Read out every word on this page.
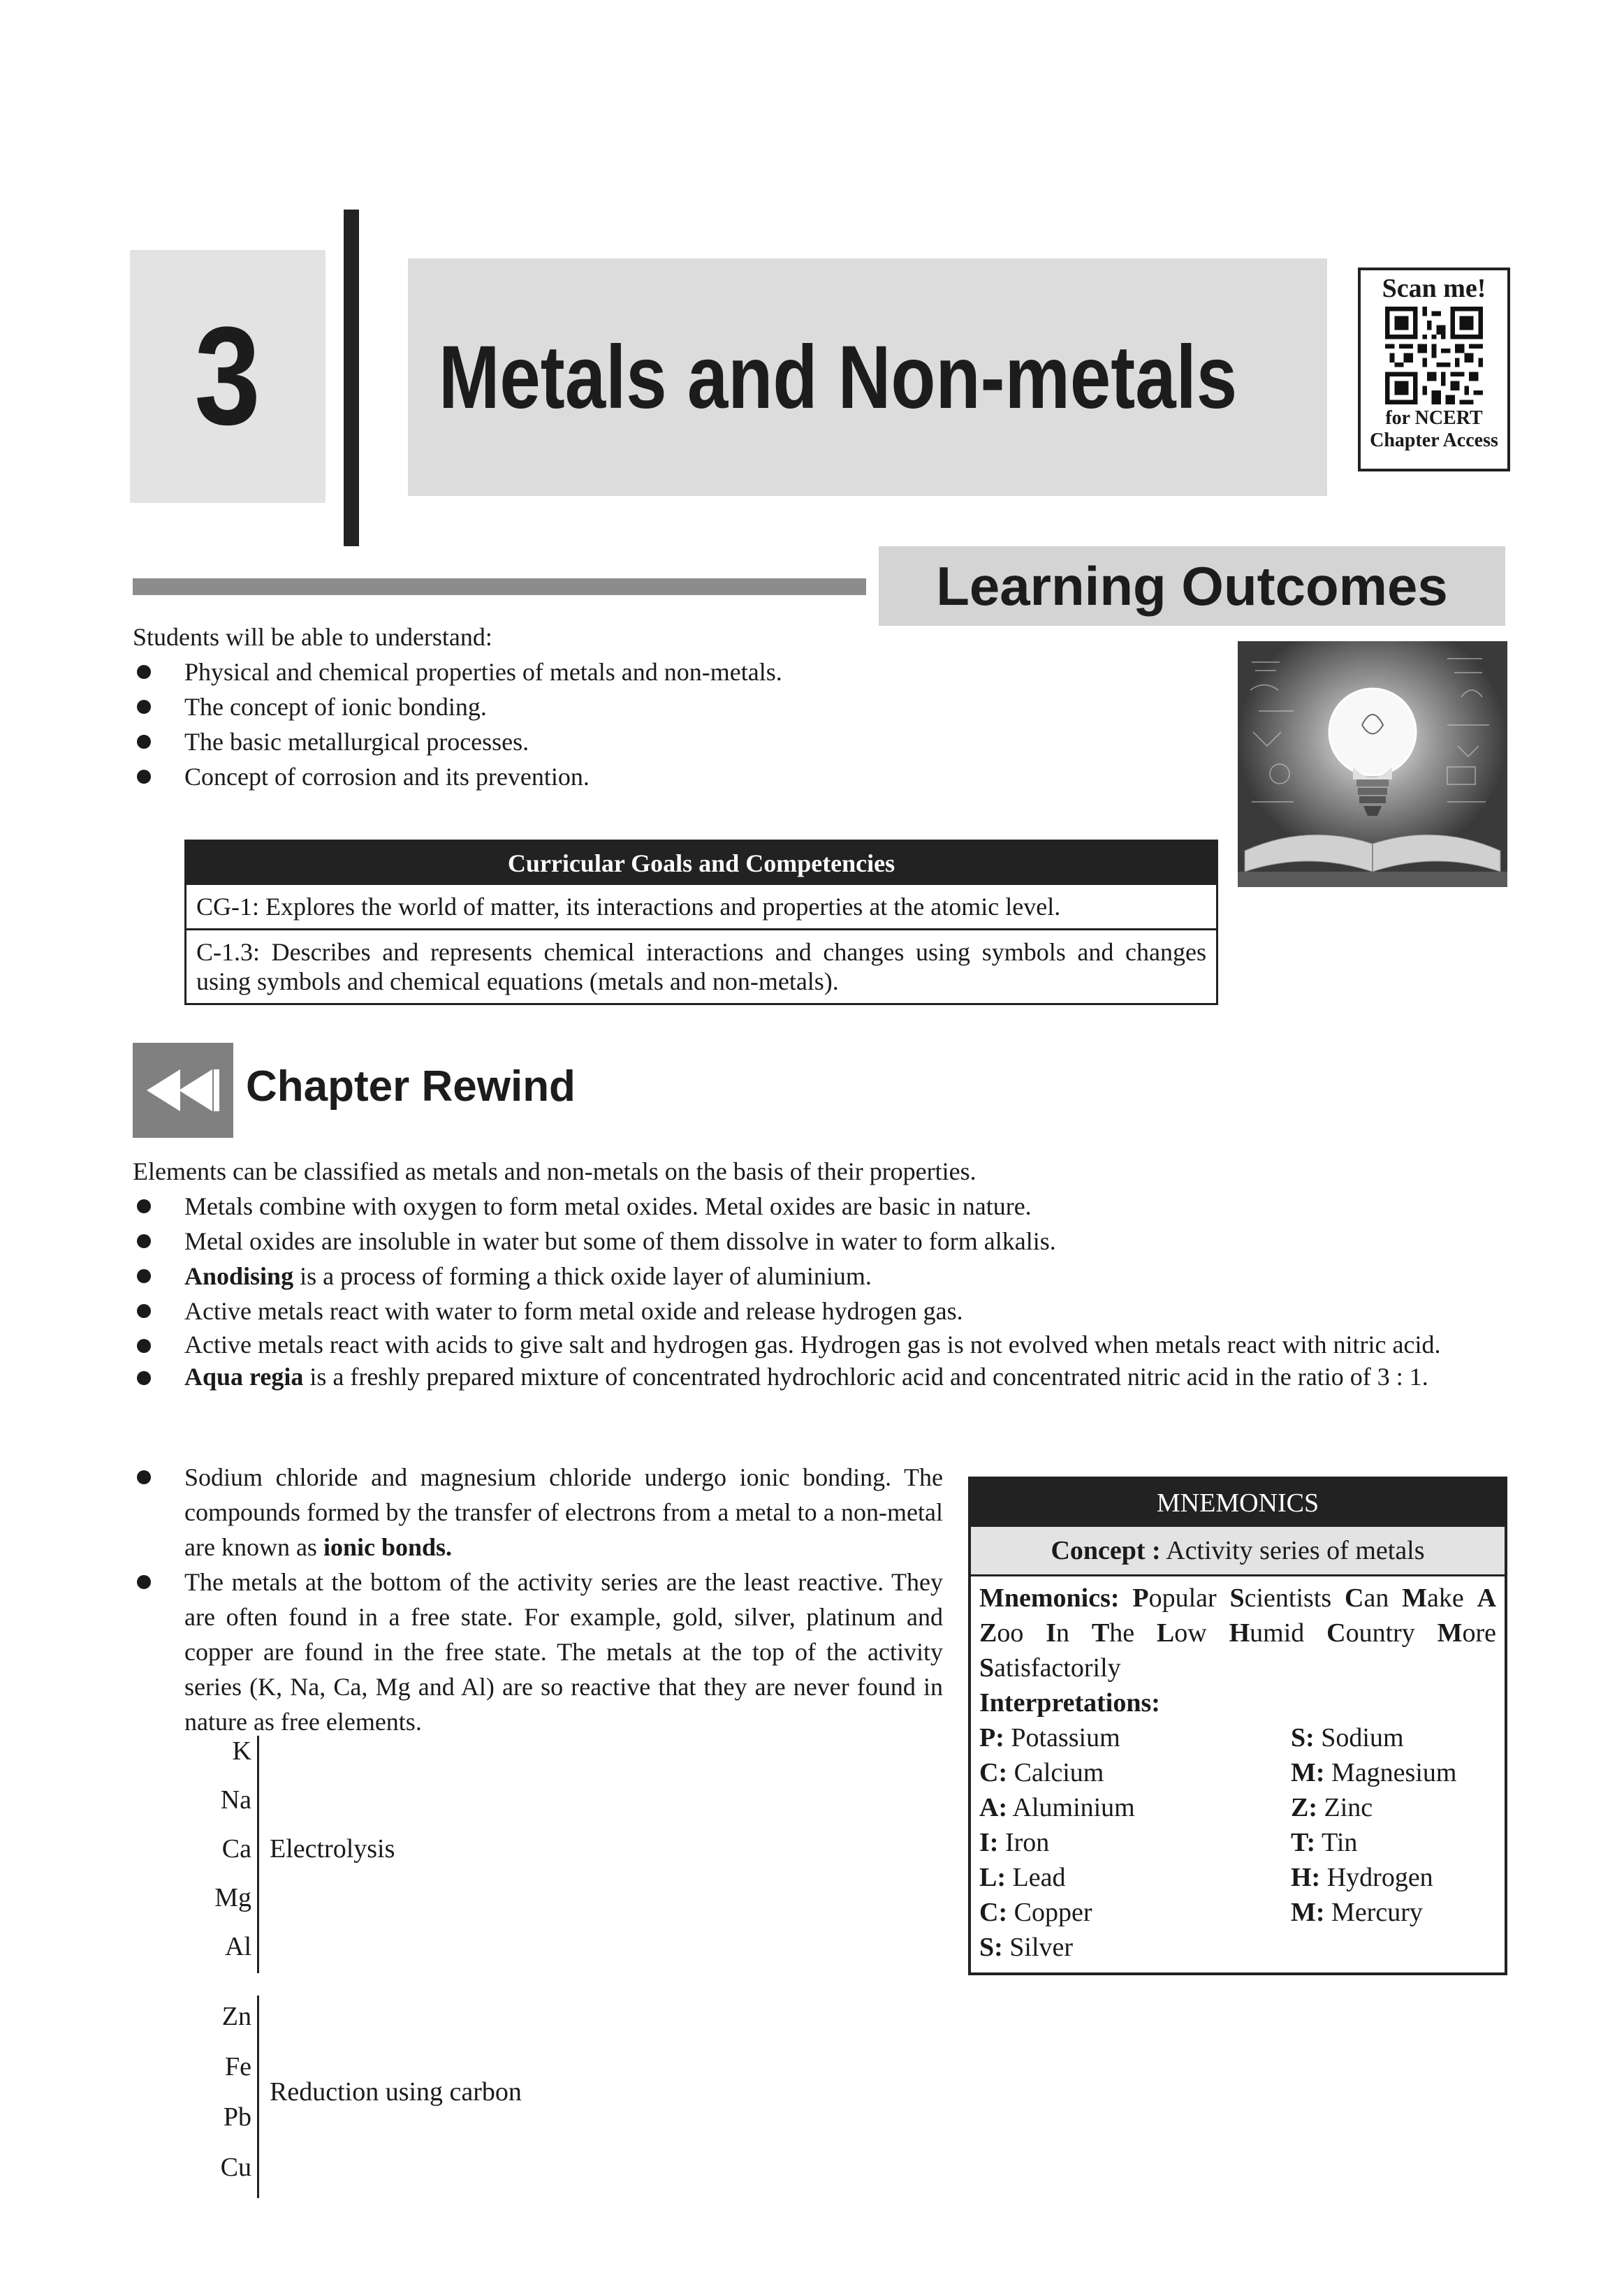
3 Metals and Non-metals
Scan me!
for NCERT
Chapter Access
Learning Outcomes
Students will be able to understand:
Physical and chemical properties of metals and non-metals.
The concept of ionic bonding.
The basic metallurgical processes.
Concept of corrosion and its prevention.
Curricular Goals and Competencies
CG-1: Explores the world of matter, its interactions and properties at the atomic level.
C-1.3: Describes and represents chemical interactions and changes using symbols and changes using symbols and chemical equations (metals and non-metals).
Chapter Rewind
Elements can be classified as metals and non-metals on the basis of their properties.
Metals combine with oxygen to form metal oxides. Metal oxides are basic in nature.
Metal oxides are insoluble in water but some of them dissolve in water to form alkalis.
Anodising is a process of forming a thick oxide layer of aluminium.
Active metals react with water to form metal oxide and release hydrogen gas.
Active metals react with acids to give salt and hydrogen gas. Hydrogen gas is not evolved when metals react with nitric acid.
Aqua regia is a freshly prepared mixture of concentrated hydrochloric acid and concentrated nitric acid in the ratio of 3 : 1.
Sodium chloride and magnesium chloride undergo ionic bonding. The compounds formed by the transfer of electrons from a metal to a non-metal are known as ionic bonds.
The metals at the bottom of the activity series are the least reactive. They are often found in a free state. For example, gold, silver, platinum and copper are found in the free state. The metals at the top of the activity series (K, Na, Ca, Mg and Al) are so reactive that they are never found in nature as free elements.
K
Na
Ca
Mg
Al
Electrolysis
Zn
Fe
Pb
Cu
Reduction using carbon
MNEMONICS
Concept : Activity series of metals
Mnemonics: Popular Scientists Can Make A Zoo In The Low Humid Country More Satisfactorily
Interpretations:
P: Potassium	S: Sodium
C: Calcium	M: Magnesium
A: Aluminium	Z: Zinc
I: Iron	T: Tin
L: Lead	H: Hydrogen
C: Copper	M: Mercury
S: Silver
